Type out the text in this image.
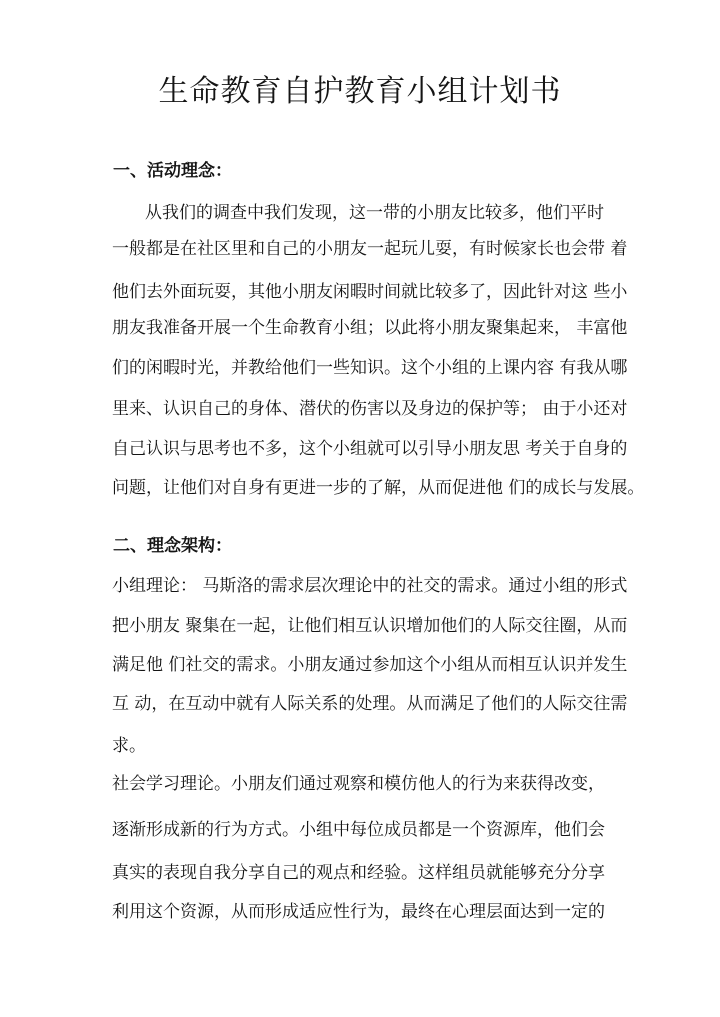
生命教育自护教育小组计划书
一、活动理念：
从我们的调查中我们发现，这一带的小朋友比较多，他们平时
一般都是在社区里和自己的小朋友一起玩儿耍，有时候家长也会带 着
他们去外面玩耍，其他小朋友闲暇时间就比较多了，因此针对这 些小
朋友我准备开展一个生命教育小组；以此将小朋友聚集起来， 丰富他
们的闲暇时光，并教给他们一些知识。这个小组的上课内容 有我从哪
里来、认识自己的身体、潜伏的伤害以及身边的保护等； 由于小还对
自己认识与思考也不多，这个小组就可以引导小朋友思 考关于自身的
问题，让他们对自身有更进一步的了解，从而促进他 们的成长与发展。
二、理念架构：
小组理论： 马斯洛的需求层次理论中的社交的需求。通过小组的形式
把小朋友 聚集在一起，让他们相互认识增加他们的人际交往圈，从而
满足他 们社交的需求。小朋友通过参加这个小组从而相互认识并发生
互 动，在互动中就有人际关系的处理。从而满足了他们的人际交往需
求。
社会学习理论。小朋友们通过观察和模仿他人的行为来获得改变，
逐渐形成新的行为方式。小组中每位成员都是一个资源库，他们会
真实的表现自我分享自己的观点和经验。这样组员就能够充分分享
利用这个资源，从而形成适应性行为，最终在心理层面达到一定的
